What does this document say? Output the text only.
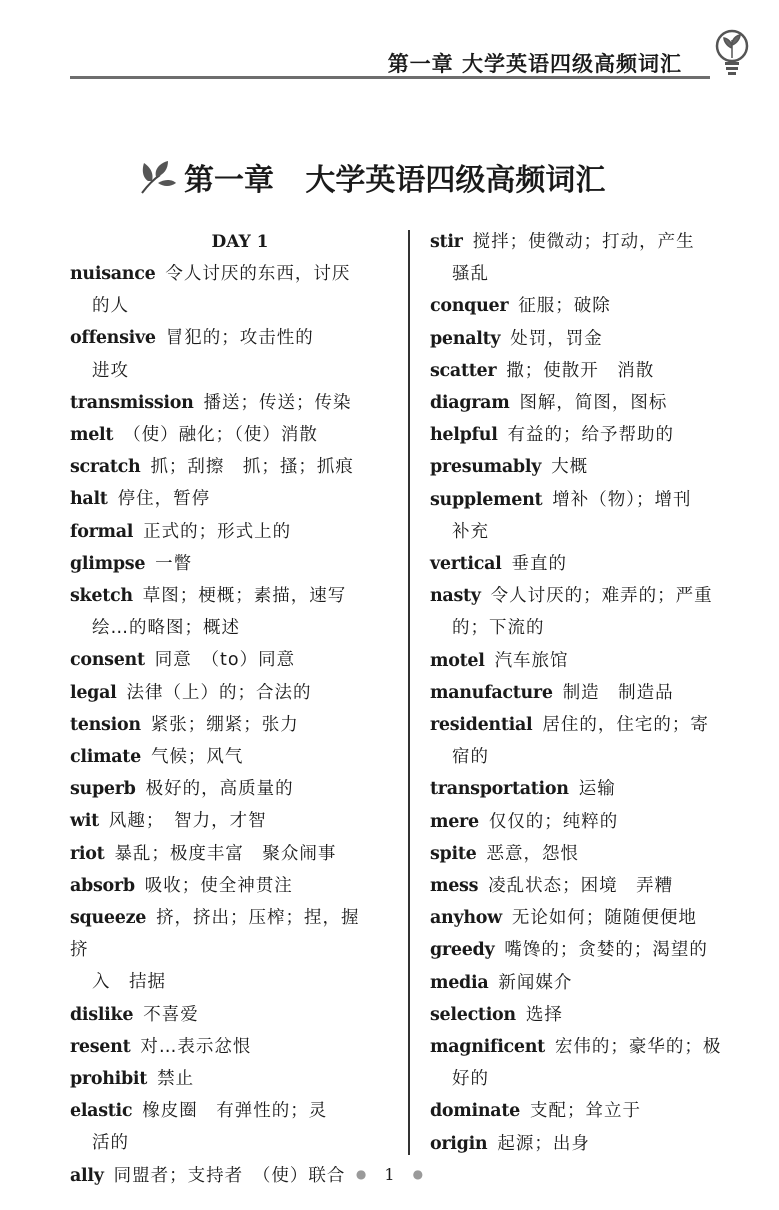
第一章 大学英语四级高频词汇
第一章   大学英语四级高频词汇
DAY 1
nuisance 令人讨厌的东西，讨厌
的人
offensive 冒犯的；攻击性的
进攻
transmission 播送；传送；传染
melt （使）融化；（使）消散
scratch 抓；刮擦　抓；搔；抓痕
halt 停住，暂停
formal 正式的；形式上的
glimpse 一瞥
sketch 草图；梗概；素描，速写
绘…的略图；概述
consent 同意　（to）同意
legal 法律（上）的；合法的
tension 紧张；绷紧；张力
climate 气候；风气
superb 极好的，高质量的
wit 风趣；　智力，才智
riot 暴乱；极度丰富　聚众闹事
absorb 吸收；使全神贯注
squeeze 挤，挤出；压榨；捏，握　挤
入　拮据
dislike 不喜爱
resent 对…表示忿恨
prohibit 禁止
elastic 橡皮圈　有弹性的；灵
活的
ally 同盟者；支持者　（使）联合
stir 搅拌；使微动；打动，产生
骚乱
conquer 征服；破除
penalty 处罚，罚金
scatter 撒；使散开　消散
diagram 图解，简图，图标
helpful 有益的；给予帮助的
presumably 大概
supplement 增补（物）；增刊
补充
vertical 垂直的
nasty 令人讨厌的；难弄的；严重
的；下流的
motel 汽车旅馆
manufacture 制造　制造品
residential 居住的，住宅的；寄
宿的
transportation 运输
mere 仅仅的；纯粹的
spite 恶意，怨恨
mess 凌乱状态；困境　弄糟
anyhow 无论如何；随随便便地
greedy 嘴馋的；贪婪的；渴望的
media 新闻媒介
selection 选择
magnificent 宏伟的；豪华的；极
好的
dominate 支配；耸立于
origin 起源；出身
● 1 ●
